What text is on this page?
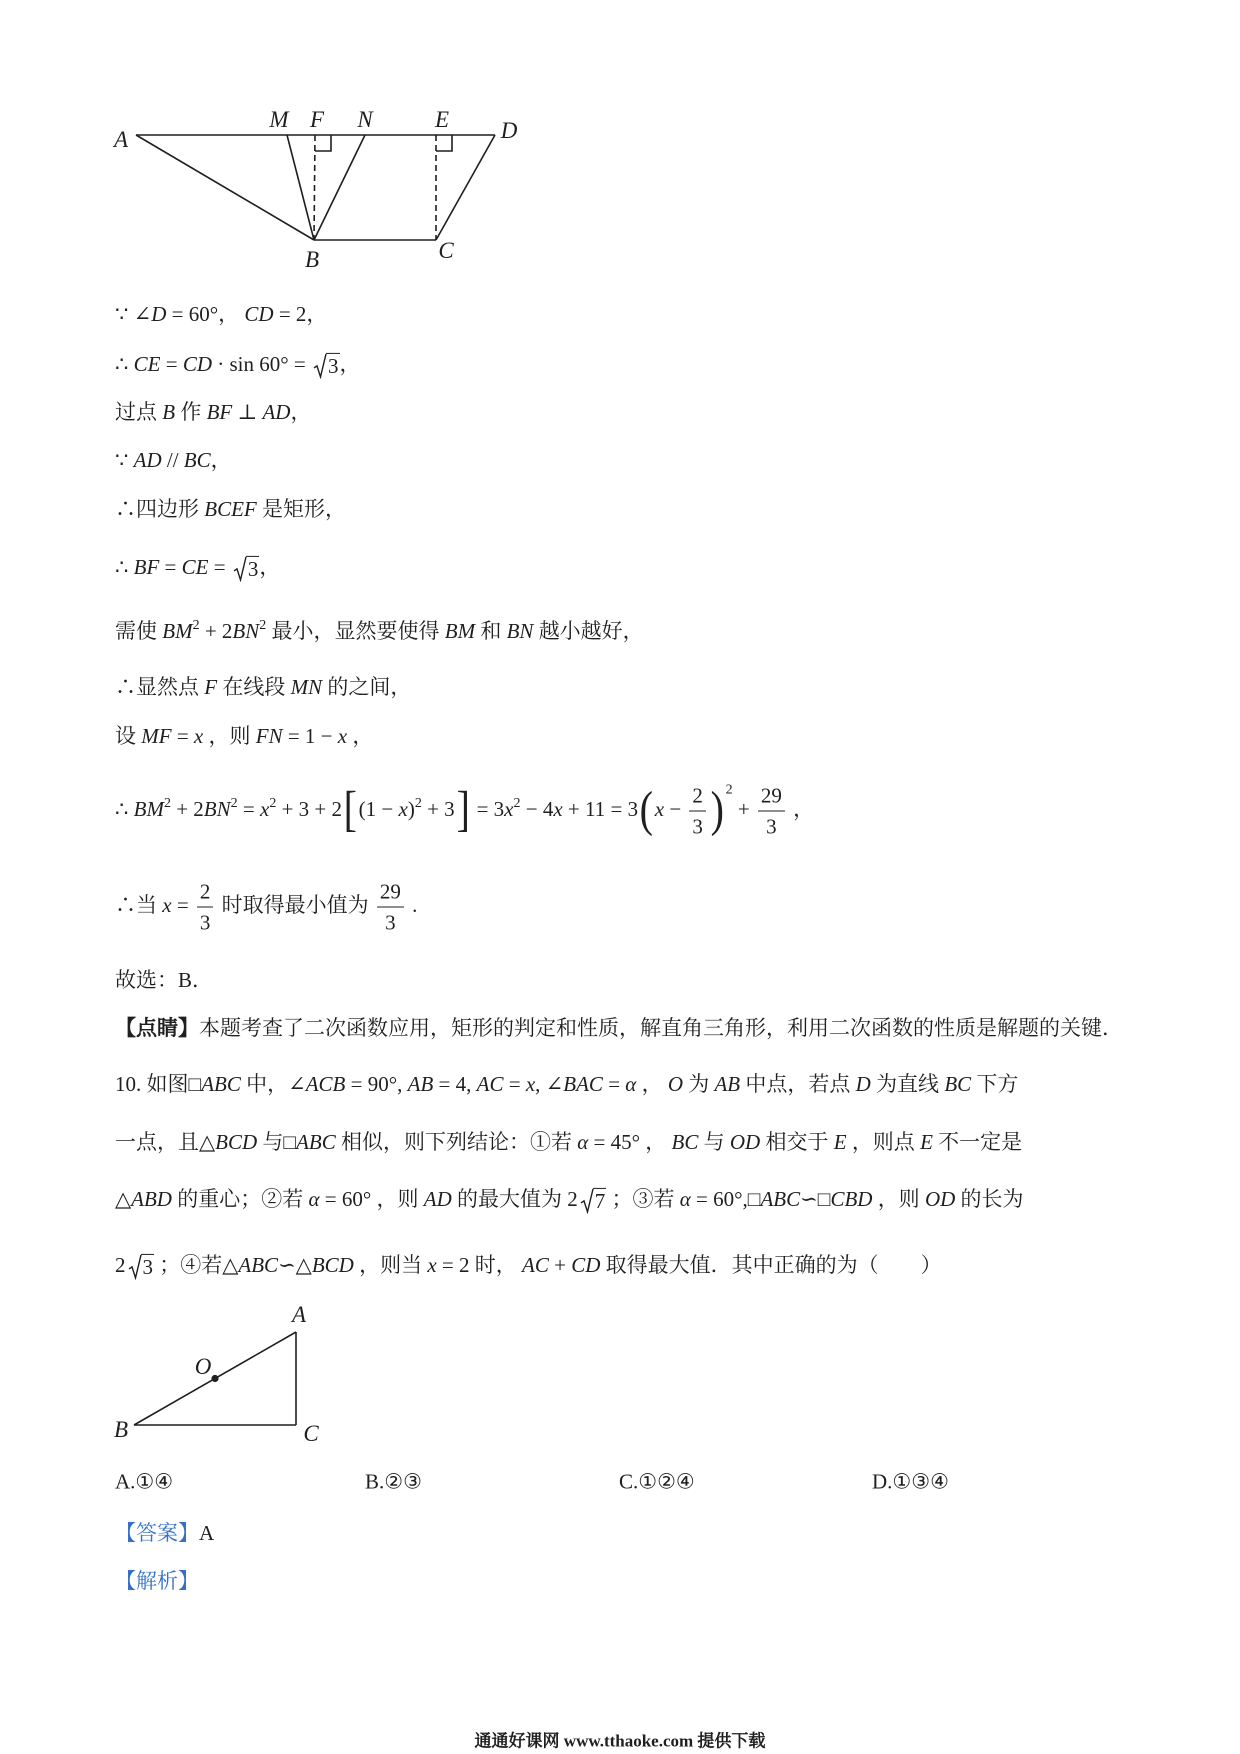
A
M F N	E D
B	C
∵ ∠D = 60°， CD = 2，
∴ CE = CD · sin 60° = 3 ，
过点 B 作 BF ⊥ AD，
∵ AD // BC，
∴四边形 BCEF 是矩形，
∴ BF = CE = 3 ，
需使 $BM^2 + 2BN^2$ 最小，显然要使得 BM 和 BN 越小越好，
∴显然点 F 在线段 MN 的之间，
设 MF = x ，则 FN = 1 − x ，
∴ $BM^2 + 2BN^2 = x^2 + 3 + 2[(1 - x)^2 + 3] = 3x^2 - 4x + 11 = 3(x - \frac{2}{3}$ ) $^2 + \frac{29}{3}$ ，
∴当 $x = \frac{2}{3}$ 时取得最小值为 $\frac{29}{3}$ .
故选：B．
【点睛】本题考查了二次函数应用，矩形的判定和性质，解直角三角形，利用二次函数的性质是解题的关键．
10. 如图□ABC 中，∠ACB = 90°, AB = 4, AC = x, ∠BAC = α ， O 为 AB 中点，若点 D 为直线 BC 下方
一点，且△BCD 与□ABC 相似，则下列结论：①若 α = 45° ， BC 与 OD 相交于 E ，则点 E 不一定是
△ABD 的重心；②若 α = 60° ，则 AD 的最大值为 2 7 ；③若 α = 60°,□ABC∽□CBD ，则 OD 的长为
2 3 ；④若△ABC∽△BCD ，则当 x = 2 时， AC + CD 取得最大值．其中正确的为（　　）
A
O
B	C
A.①④	B.②③	C.①②④	D.①③④
【答案】A
【解析】
通通好课网 www.tthaoke.com 提供下载
